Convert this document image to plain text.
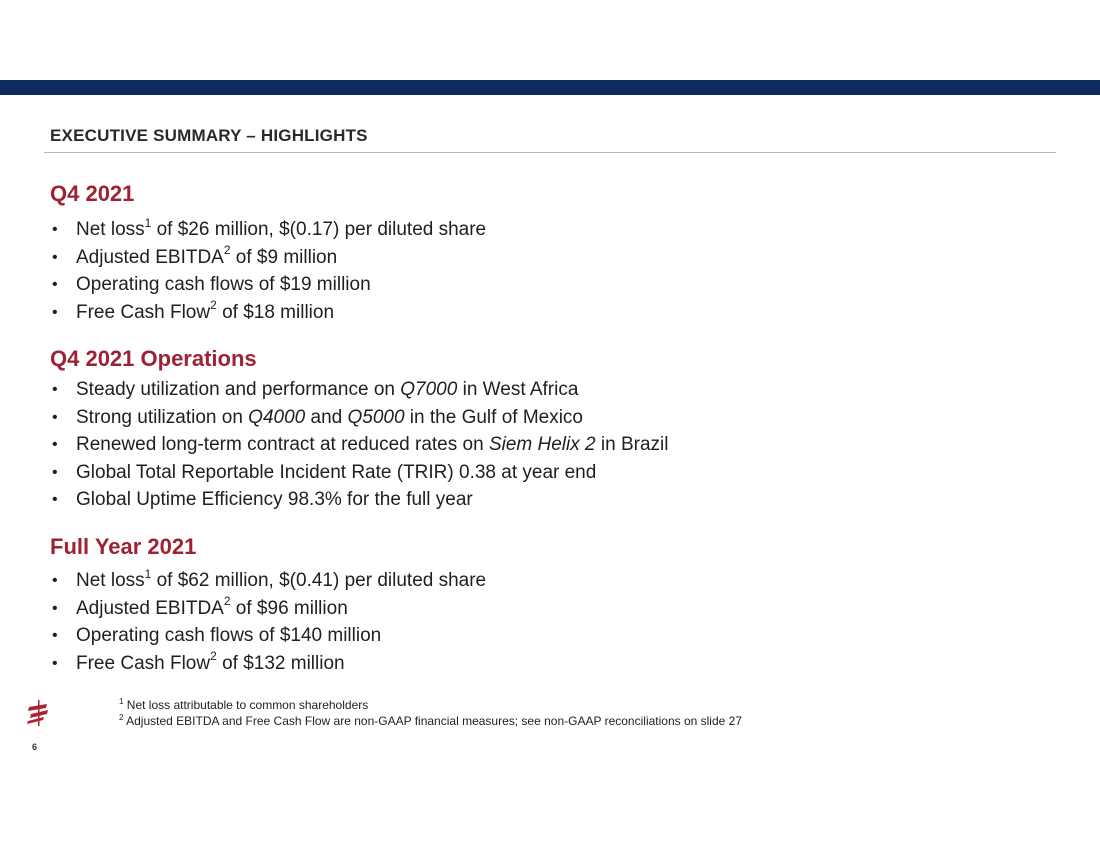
EXECUTIVE SUMMARY – HIGHLIGHTS
Q4 2021
• Net loss$^1$ of $26 million, $(0.17) per diluted share
• Adjusted EBITDA$^2$ of $9 million
• Operating cash flows of $19 million
• Free Cash Flow$^2$ of $18 million
Q4 2021 Operations
• Steady utilization and performance on Q7000 in West Africa
• Strong utilization on Q4000 and Q5000 in the Gulf of Mexico
• Renewed long-term contract at reduced rates on Siem Helix 2 in Brazil
• Global Total Reportable Incident Rate (TRIR) 0.38 at year end
• Global Uptime Efficiency 98.3% for the full year
Full Year 2021
• Net loss$^1$ of $62 million, $(0.41) per diluted share
• Adjusted EBITDA$^2$ of $96 million
• Operating cash flows of $140 million
• Free Cash Flow$^2$ of $132 million
$^1$ Net loss attributable to common shareholders
$^2$ Adjusted EBITDA and Free Cash Flow are non-GAAP financial measures; see non-GAAP reconciliations on slide 27
6
